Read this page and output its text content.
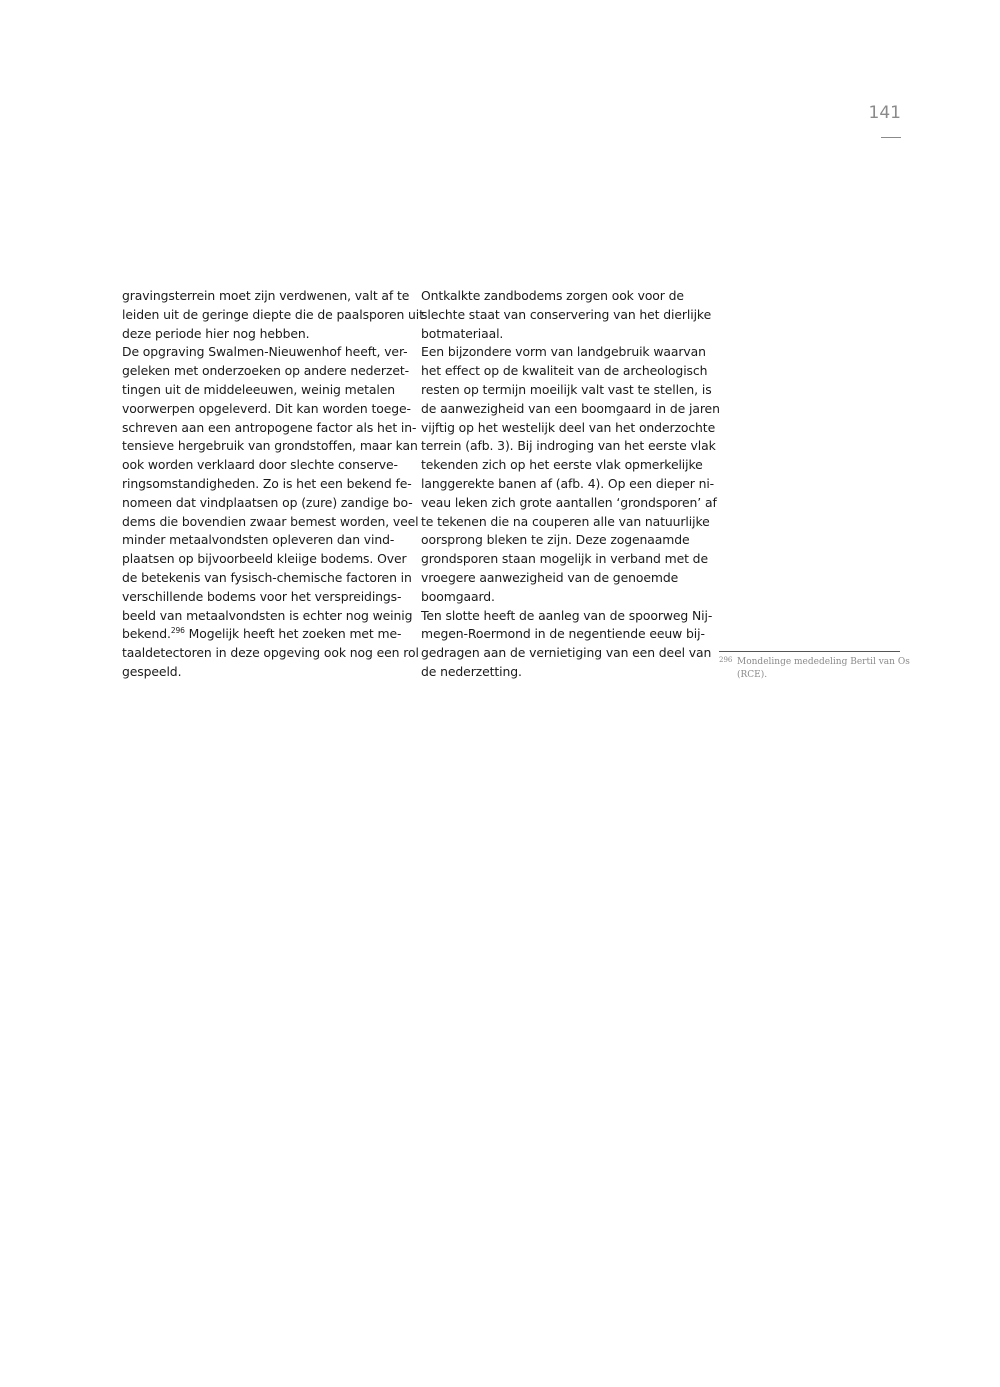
141
gravingsterrein moet zijn verdwenen, valt af te
leiden uit de geringe diepte die de paalsporen uit
deze periode hier nog hebben.
De opgraving Swalmen-Nieuwenhof heeft, ver-
geleken met onderzoeken op andere nederzet-
tingen uit de middeleeuwen, weinig metalen
voorwerpen opgeleverd. Dit kan worden toege-
schreven aan een antropogene factor als het in-
tensieve hergebruik van grondstoffen, maar kan
ook worden verklaard door slechte conserve-
ringsomstandigheden. Zo is het een bekend fe-
nomeen dat vindplaatsen op (zure) zandige bo-
dems die bovendien zwaar bemest worden, veel
minder metaalvondsten opleveren dan vind-
plaatsen op bijvoorbeeld kleiige bodems. Over
de betekenis van fysisch-chemische factoren in
verschillende bodems voor het verspreidings-
beeld van metaalvondsten is echter nog weinig
bekend.$^{296}$ Mogelijk heeft het zoeken met me-
taaldetectoren in deze opgeving ook nog een rol
gespeeld.
Ontkalkte zandbodems zorgen ook voor de
slechte staat van conservering van het dierlijke
botmateriaal.
Een bijzondere vorm van landgebruik waarvan
het effect op de kwaliteit van de archeologisch
resten op termijn moeilijk valt vast te stellen, is
de aanwezigheid van een boomgaard in de jaren
vijftig op het westelijk deel van het onderzochte
terrein (afb. 3). Bij indroging van het eerste vlak
tekenden zich op het eerste vlak opmerkelijke
langgerekte banen af (afb. 4). Op een dieper ni-
veau leken zich grote aantallen ‘grondsporen’ af
te tekenen die na couperen alle van natuurlijke
oorsprong bleken te zijn. Deze zogenaamde
grondsporen staan mogelijk in verband met de
vroegere aanwezigheid van de genoemde
boomgaard.
Ten slotte heeft de aanleg van de spoorweg Nij-
megen-Roermond in de negentiende eeuw bij-
gedragen aan de vernietiging van een deel van
de nederzetting.
296 Mondelinge mededeling Bertil van Os
(RCE).
